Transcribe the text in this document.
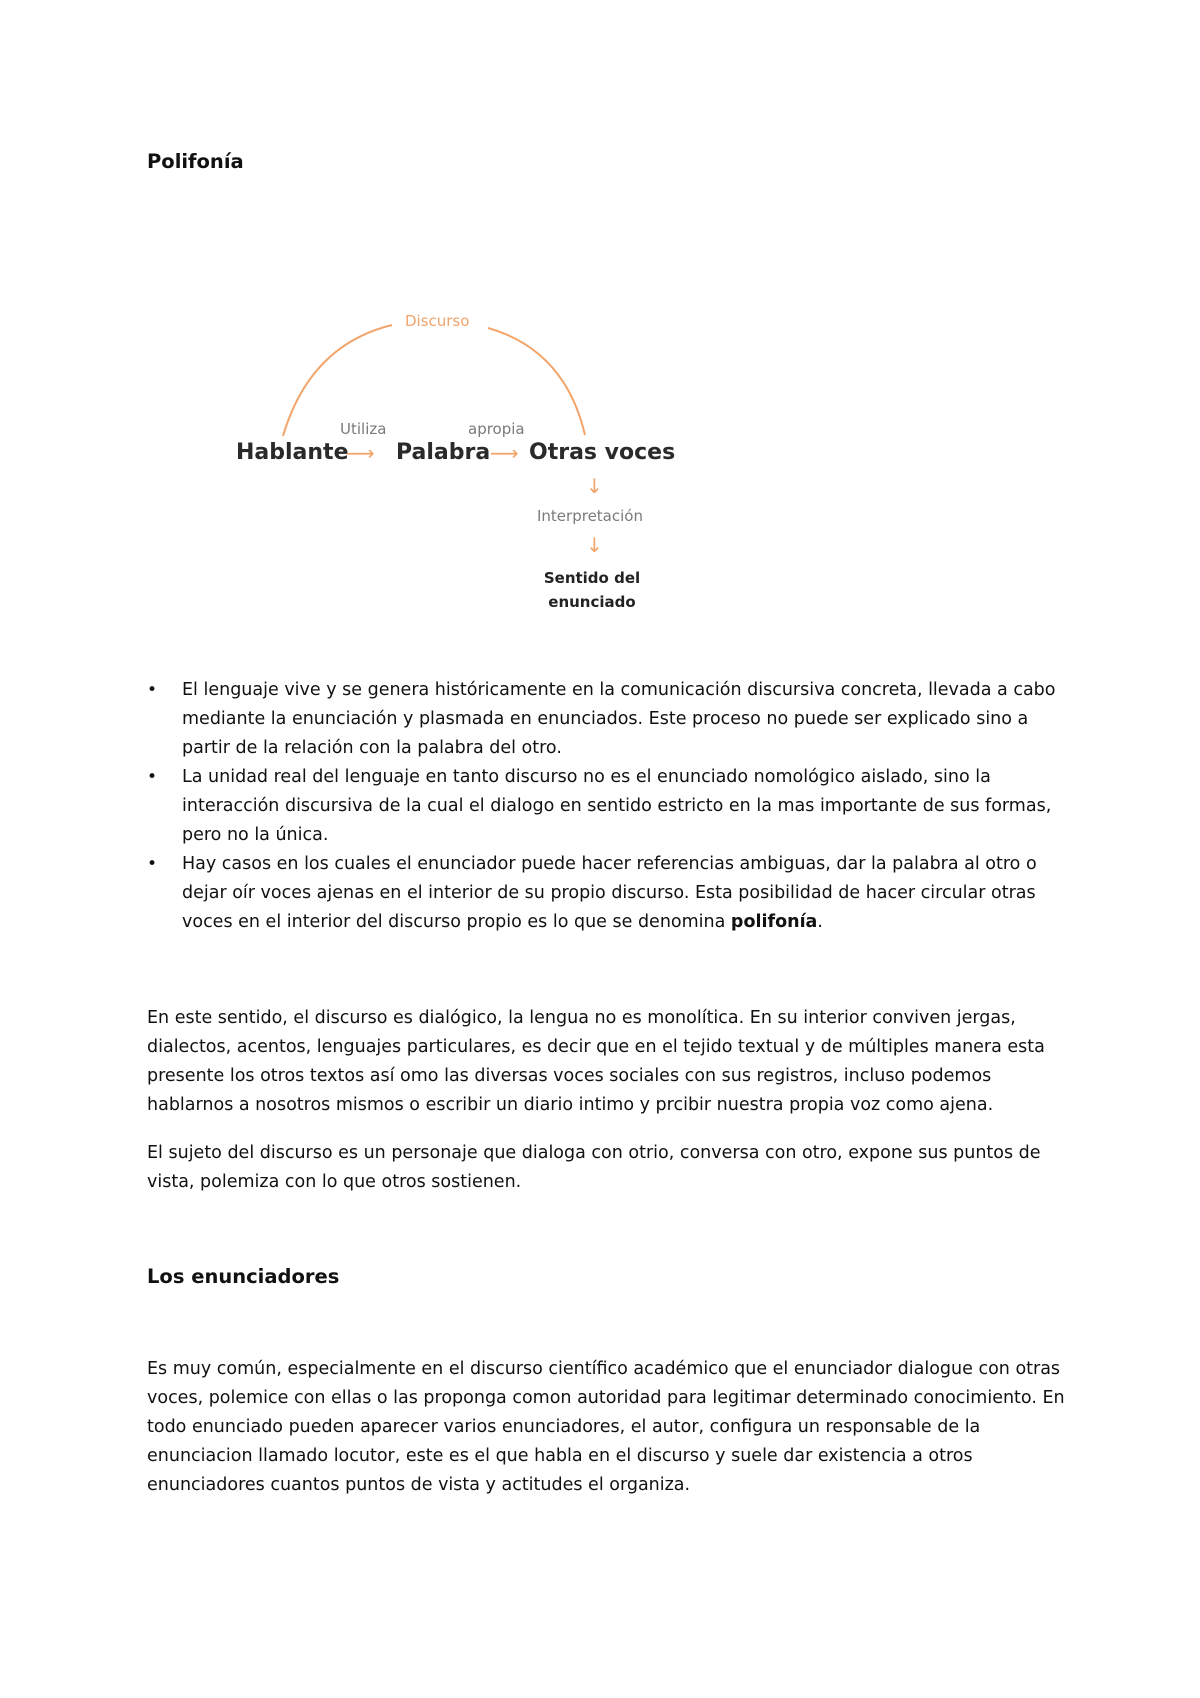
Polifonía
Discurso
Utiliza	apropia
Hablante
⟶ Palabra ⟶ Otras voces
↓
Interpretación
↓
Sentido del
enunciado
•	El lenguaje vive y se genera históricamente en la comunicación discursiva concreta, llevada a cabo mediante la enunciación y plasmada en enunciados. Este proceso no puede ser explicado sino a partir de la relación con la palabra del otro.
•	La unidad real del lenguaje en tanto discurso no es el enunciado nomológico aislado, sino la interacción discursiva de la cual el dialogo en sentido estricto en la mas importante de sus formas, pero no la única.
•	Hay casos en los cuales el enunciador puede hacer referencias ambiguas, dar la palabra al otro o dejar oír voces ajenas en el interior de su propio discurso. Esta posibilidad de hacer circular otras voces en el interior del discurso propio es lo que se denomina polifonía.

En este sentido, el discurso es dialógico, la lengua no es monolítica. En su interior conviven jergas, dialectos, acentos, lenguajes particulares, es decir que en el tejido textual y de múltiples manera esta presente los otros textos así omo las diversas voces sociales con sus registros, incluso podemos hablarnos a nosotros mismos o escribir un diario intimo y prcibir nuestra propia voz como ajena.

El sujeto del discurso es un personaje que dialoga con otrio, conversa con otro, expone sus puntos de vista, polemiza con lo que otros sostienen.

Los enunciadores

Es muy común, especialmente en el discurso científico académico que el enunciador dialogue con otras voces, polemice con ellas o las proponga comon autoridad para legitimar determinado conocimiento. En todo enunciado pueden aparecer varios enunciadores, el autor, configura un responsable de la enunciacion llamado locutor, este es el que habla en el discurso y suele dar existencia a otros enunciadores cuantos puntos de vista y actitudes el organiza.
